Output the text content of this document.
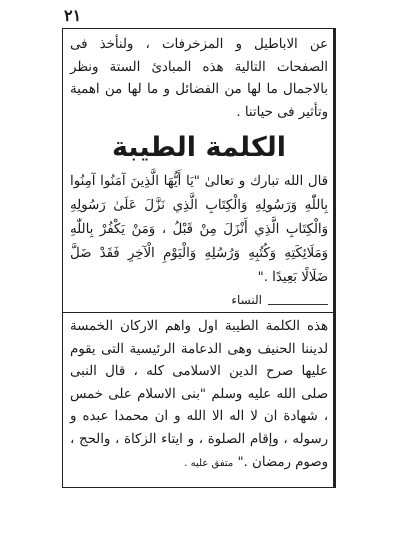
٢١

عن الاباطيل و المزخرفات ، ولنأخذ فى الصفحات التالية هذه المبادئ الستة ونظر بالاجمال ما لها من الفضائل و ما لها من اهمية وتأثير فى حياتنا .

الكلمة الطيبة

قال الله تبارك و تعالىٰ "يَا أَيُّهَا الَّذِينَ آمَنُوا آمِنُوا بِاللّٰهِ وَرَسُولِهِ وَالْكِتَابِ الَّذِي نَزَّلَ عَلَىٰ رَسُولِهِ وَالْكِتَابِ الَّذِي أَنْزَلَ مِنْ قَبْلُ ، وَمَنْ يَكْفُرْ بِاللّٰهِ وَمَلَائِكَتِهِ وَكُتُبِهِ وَرُسُلِهِ وَالْيَوْمِ الْآخِرِ فَقَدْ ضَلَّ ضَلَالًا بَعِيدًا ."

النساء

هذه الكلمة الطيبة اول واهم الاركان الخمسة لديننا الحنيف وهى الدعامة الرئيسية التى يقوم عليها صرح الدين الاسلامى كله ، قال النبى صلى الله عليه وسلم "بنى الاسلام على خمس ، شهادة ان لا اله الا الله و ان محمدا عبده و رسوله ، وإقام الصلوة ، و ايتاء الزكاة ، والحج ، وصوم رمضان ." متفق عليه .
